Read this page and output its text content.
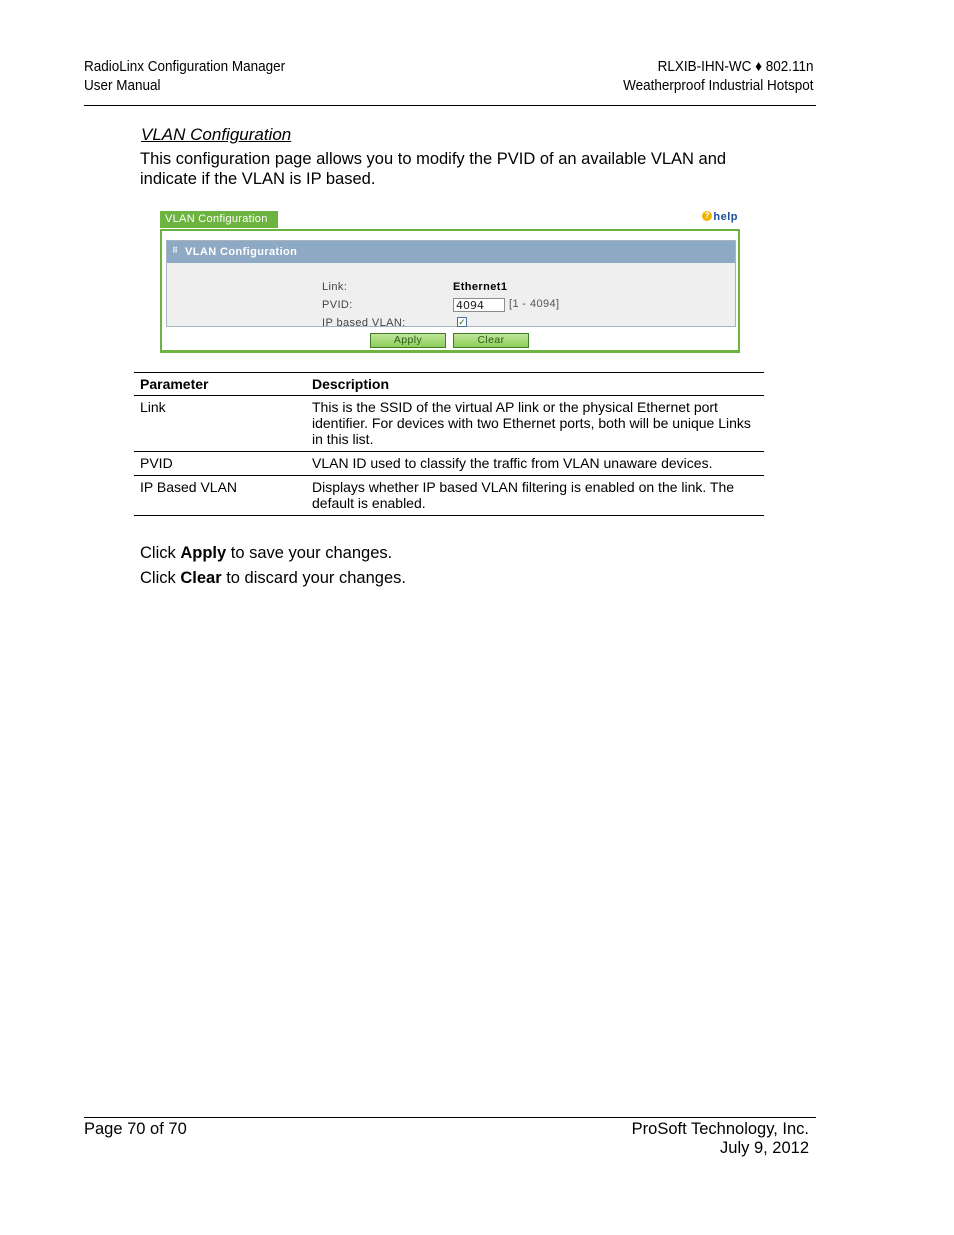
RadioLinx Configuration Manager
User Manual
RLXIB-IHN-WC ♦ 802.11n
Weatherproof Industrial Hotspot
VLAN Configuration
This configuration page allows you to modify the PVID of an available VLAN and indicate if the VLAN is IP based.
VLAN Configuration	? help
⠿ VLAN Configuration
Link:	Ethernet1
PVID:	4094	[1 - 4094]
IP based VLAN:	✓
Apply	Clear
Parameter	Description
Link	This is the SSID of the virtual AP link or the physical Ethernet port identifier. For devices with two Ethernet ports, both will be unique Links in this list.
PVID	VLAN ID used to classify the traffic from VLAN unaware devices.
IP Based VLAN	Displays whether IP based VLAN filtering is enabled on the link. The default is enabled.
Click Apply to save your changes.
Click Clear to discard your changes.
Page 70 of 70	ProSoft Technology, Inc.
July 9, 2012
